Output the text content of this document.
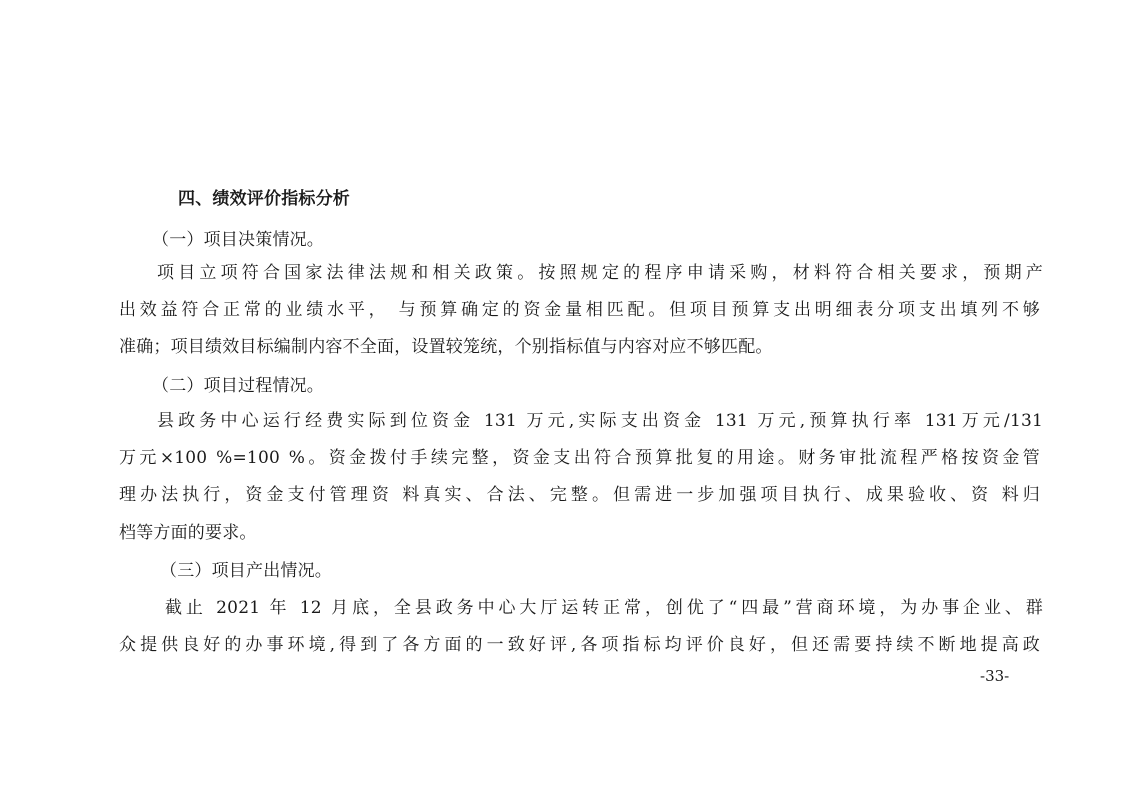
四、绩效评价指标分析
（一）项目决策情况。
项目立项符合国家法律法规和相关政策。按照规定的程序申请采购，材料符合相关要求，预期产
出效益符合正常的业绩水平， 与预算确定的资金量相匹配。但项目预算支出明细表分项支出填列不够
准确；项目绩效目标编制内容不全面，设置较笼统，个别指标值与内容对应不够匹配。
（二）项目过程情况。
县政务中心运行经费实际到位资金 131 万元,实际支出资金 131 万元,预算执行率 131万元/131
万元×100 %=100 %。资金拨付手续完整，资金支出符合预算批复的用途。财务审批流程严格按资金管
理办法执行，资金支付管理资 料真实、合法、完整。但需进一步加强项目执行、成果验收、资 料归
档等方面的要求。
（三）项目产出情况。
截止 2021 年 12 月底，全县政务中心大厅运转正常，创优了“四最”营商环境，为办事企业、群
众提供良好的办事环境,得到了各方面的一致好评,各项指标均评价良好，但还需要持续不断地提高政
-33-
